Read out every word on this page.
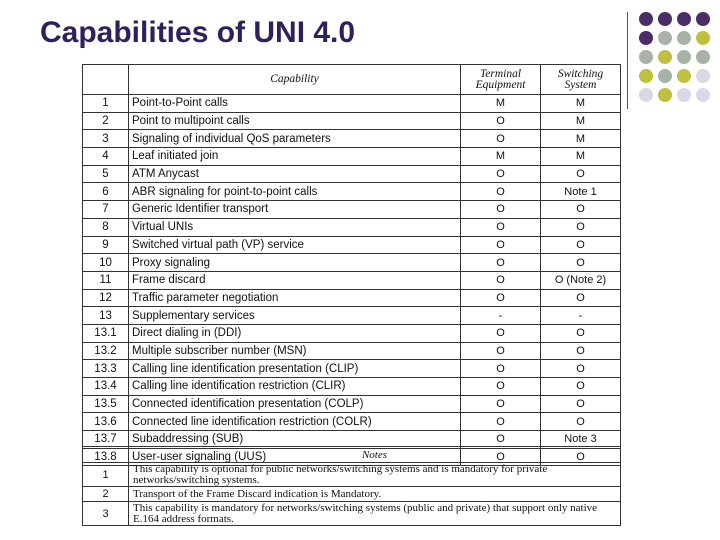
Capabilities of UNI 4.0
	Capability	Terminal Equipment	Switching System
1	Point-to-Point calls	M	M
2	Point to multipoint calls	O	M
3	Signaling of individual QoS parameters	O	M
4	Leaf initiated join	M	M
5	ATM Anycast	O	O
6	ABR signaling for point-to-point calls	O	Note 1
7	Generic Identifier transport	O	O
8	Virtual UNIs	O	O
9	Switched virtual path (VP) service	O	O
10	Proxy signaling	O	O
11	Frame discard	O	O (Note 2)
12	Traffic parameter negotiation	O	O
13	Supplementary services	-	-
13.1	Direct dialing in (DDI)	O	O
13.2	Multiple subscriber number (MSN)	O	O
13.3	Calling line identification presentation (CLIP)	O	O
13.4	Calling line identification restriction (CLIR)	O	O
13.5	Connected identification presentation (COLP)	O	O
13.6	Connected line identification restriction (COLR)	O	O
13.7	Subaddressing (SUB)	O	Note 3
13.8	User-user signaling (UUS)	O	O
	Notes
1	This capability is optional for public networks/switching systems and is mandatory for private networks/switching systems.
2	Transport of the Frame Discard indication is Mandatory.
3	This capability is mandatory for networks/switching systems (public and private) that support only native E.164 address formats.
